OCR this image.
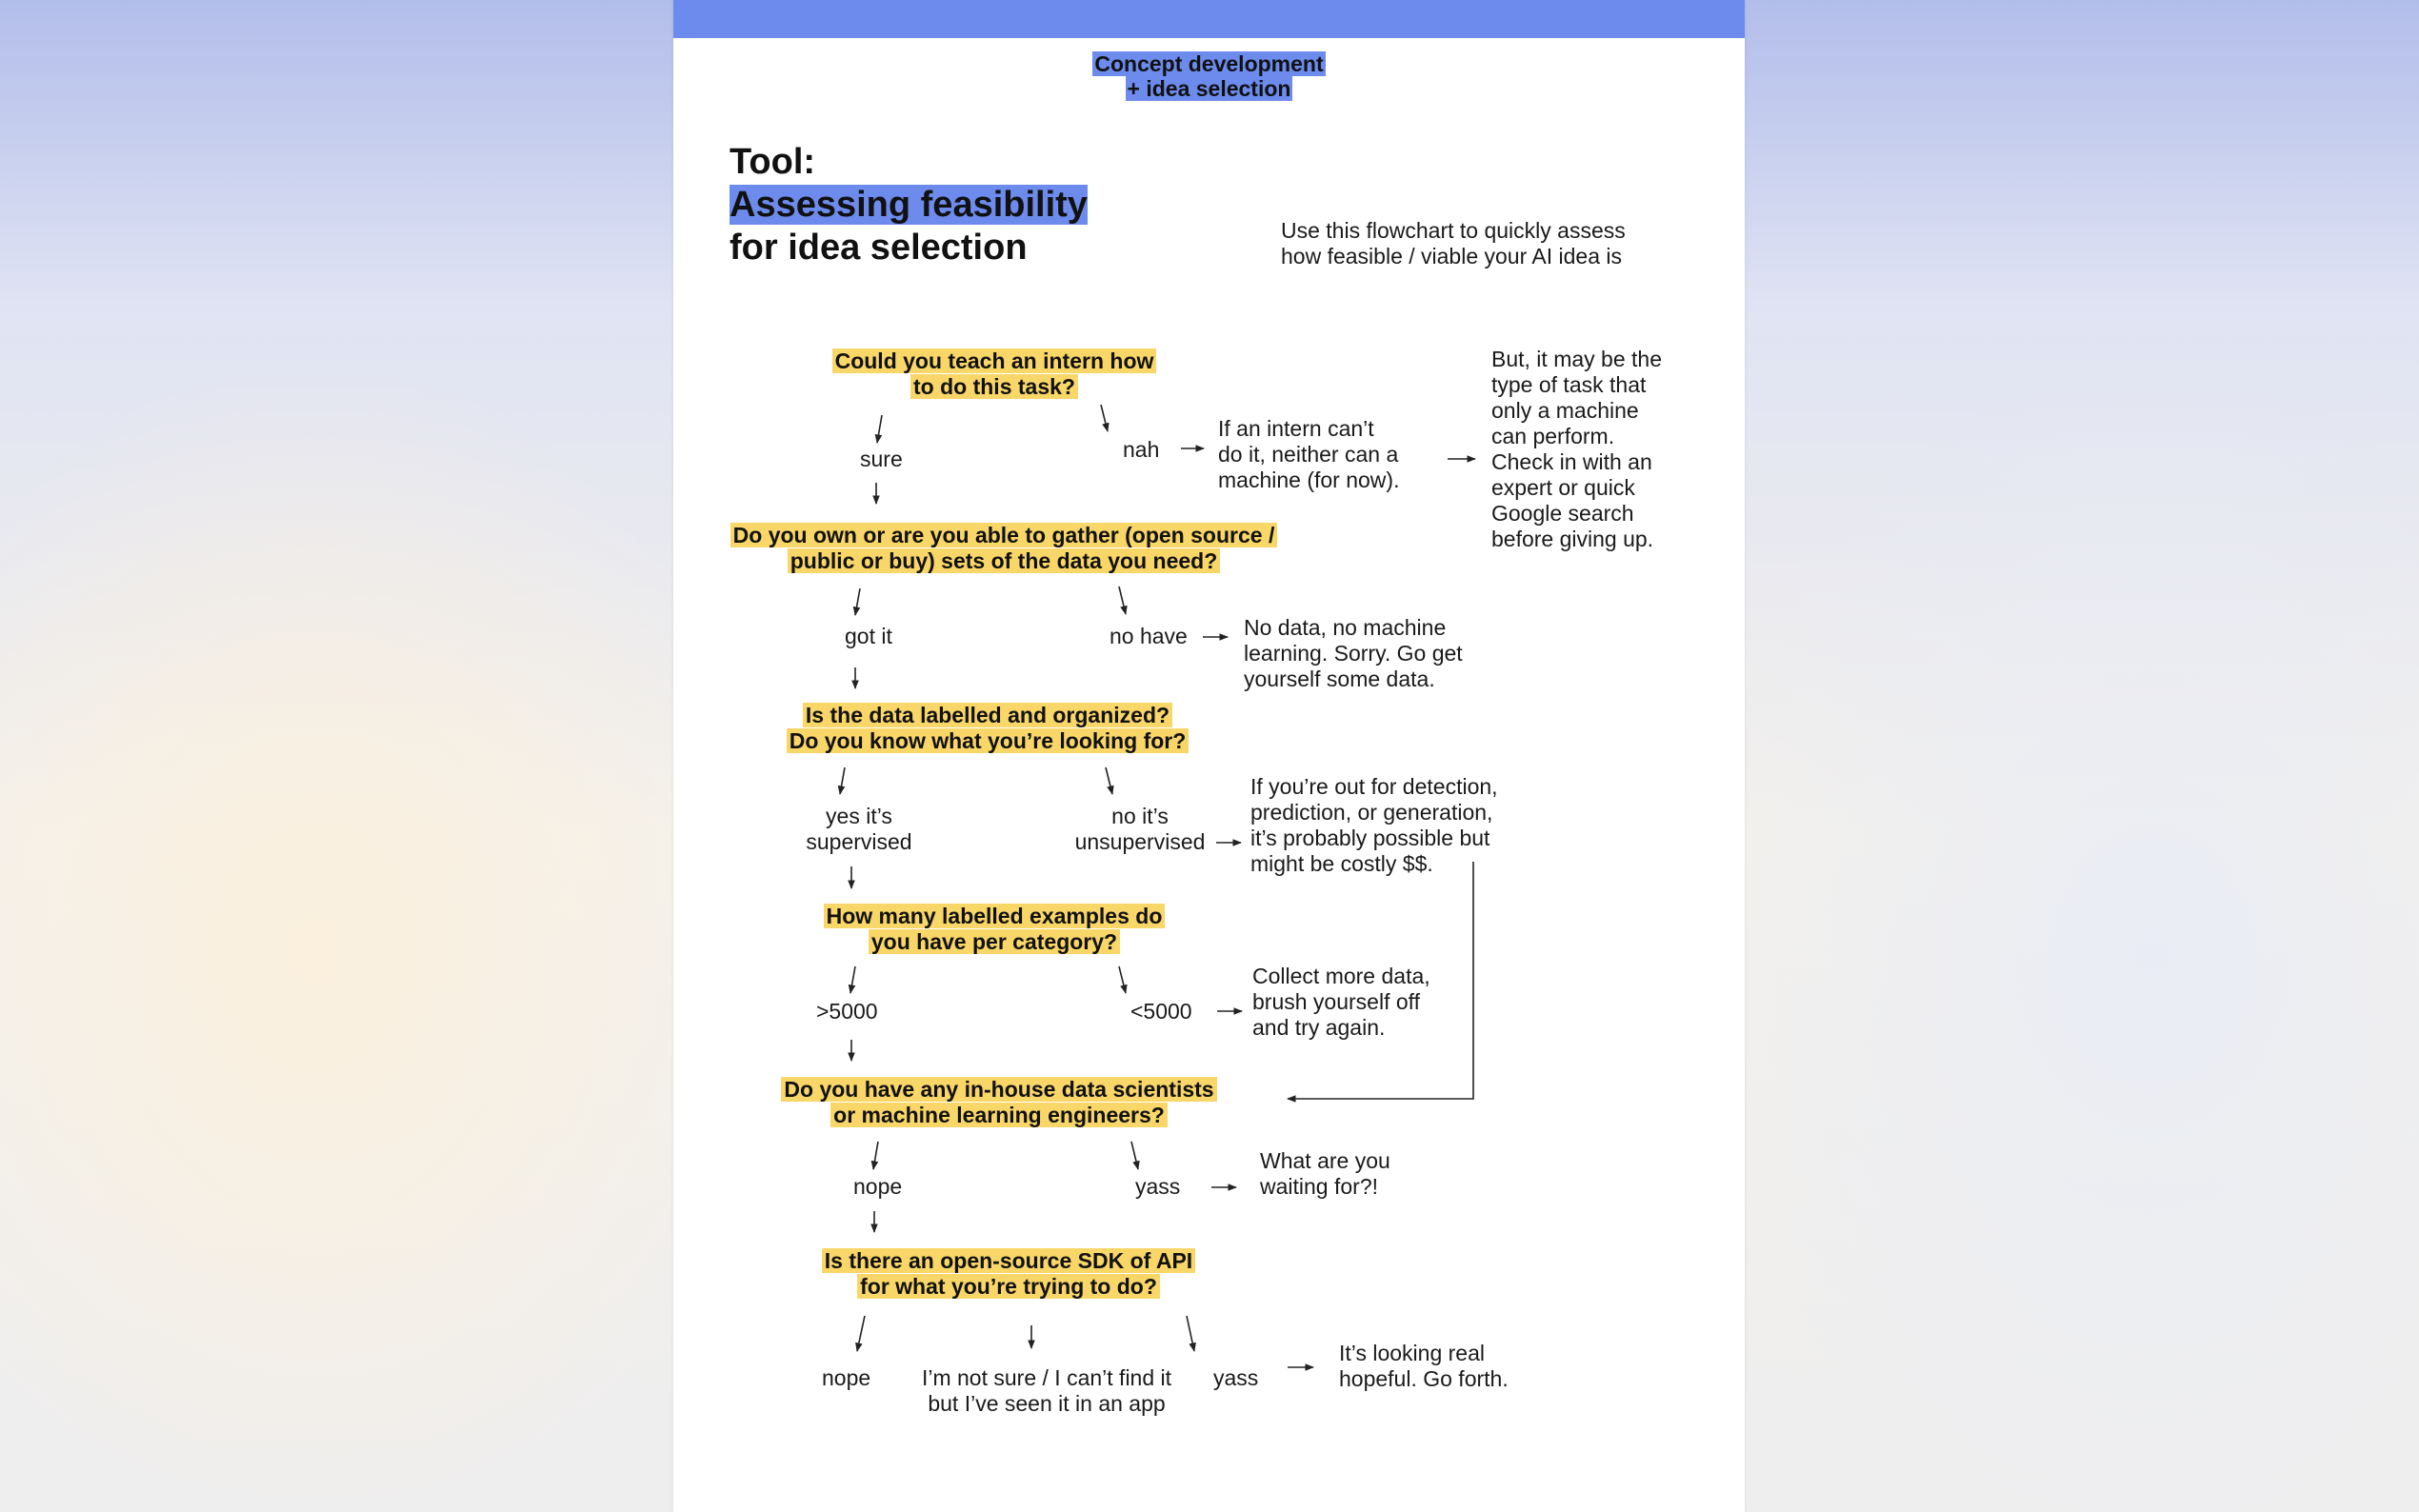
Concept development
+ idea selection
Tool:
Assessing feasibility
for idea selection	Use this flowchart to quickly assess
how feasible / viable your AI idea is
Could you teach an intern how
to do this task?
sure	nah
If an intern can’t
do it, neither can a
machine (for now).
But, it may be the
type of task that
only a machine
can perform.
Check in with an
expert or quick
Google search
before giving up.
Do you own or are you able to gather (open source /
public or buy) sets of the data you need?
got it	no have	No data, no machine
learning. Sorry. Go get
yourself some data.
Is the data labelled and organized?
Do you know what you’re looking for?
yes it’s
supervised
no it’s
unsupervised
If you’re out for detection,
prediction, or generation,
it’s probably possible but
might be costly $$.
How many labelled examples do
you have per category?
>5000	<5000
Collect more data,
brush yourself off
and try again.
Do you have any in-house data scientists
or machine learning engineers?
nope	yass
What are you
waiting for?!
Is there an open-source SDK of API
for what you’re trying to do?
nope	I’m not sure / I can’t find it
but I’ve seen it in an app
yass
It’s looking real
hopeful. Go forth.
